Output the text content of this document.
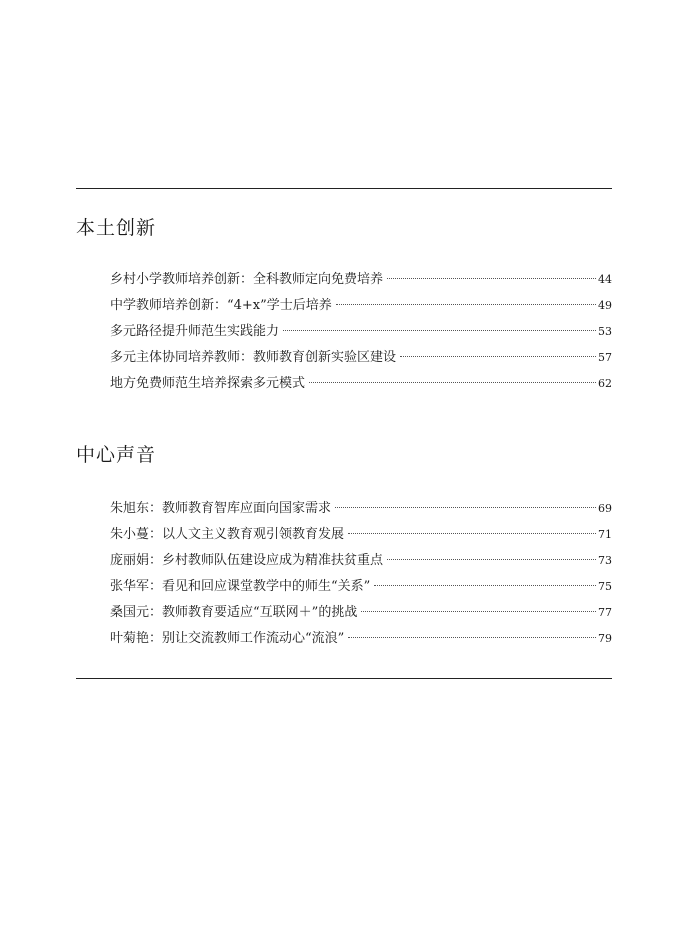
本土创新
乡村小学教师培养创新：全科教师定向免费培养	44
中学教师培养创新：“4+x”学士后培养	49
多元路径提升师范生实践能力	53
多元主体协同培养教师：教师教育创新实验区建设	57
地方免费师范生培养探索多元模式	62
中心声音
朱旭东 ： 教师教育智库应面向国家需求	69
朱小蔓 ： 以人文主义教育观引领教育发展	71
庞丽娟 ： 乡村教师队伍建设应成为精准扶贫重点	73
张华军 ： 看见和回应课堂教学中的师生“关系”	75
桑国元 ： 教师教育要适应“互联网＋”的挑战	77
叶菊艳 ： 别让交流教师工作流动心“流浪”	79
